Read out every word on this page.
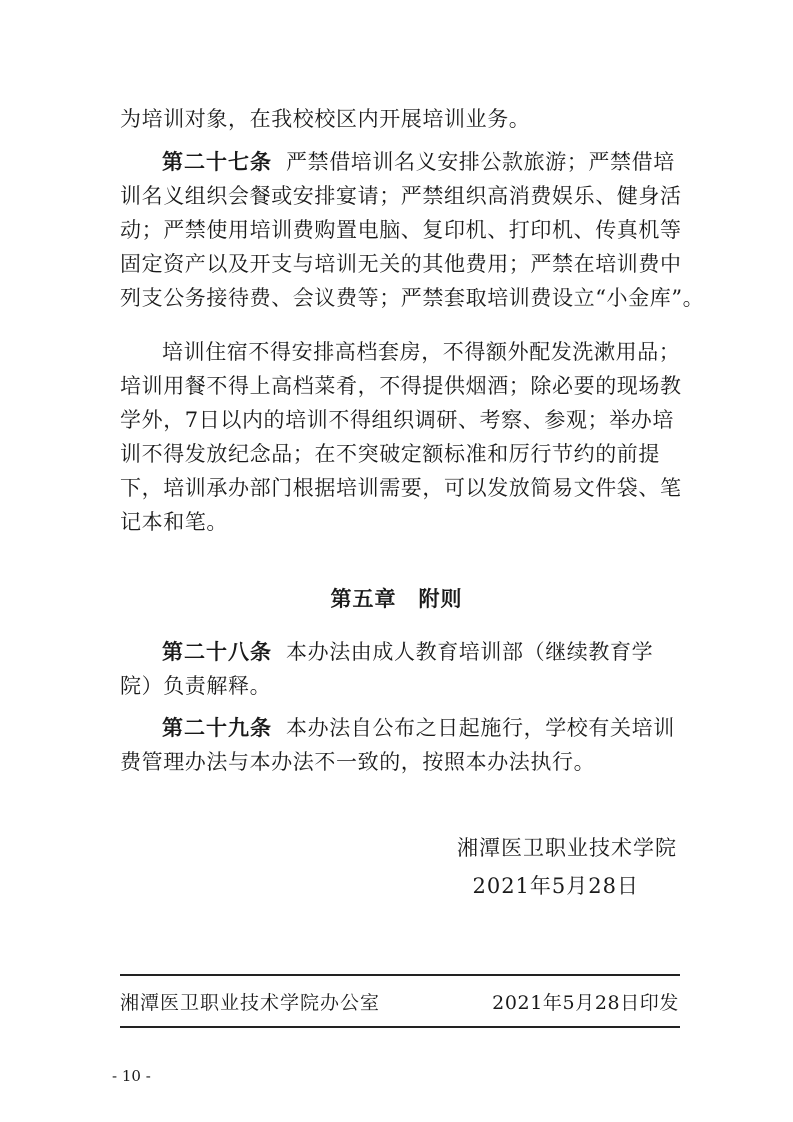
为培训对象，在我校校区内开展培训业务。
第二十七条 严禁借培训名义安排公款旅游；严禁借培
训名义组织会餐或安排宴请；严禁组织高消费娱乐、健身活
动；严禁使用培训费购置电脑、复印机、打印机、传真机等
固定资产以及开支与培训无关的其他费用；严禁在培训费中
列支公务接待费、会议费等；严禁套取培训费设立“小金库”。
培训住宿不得安排高档套房，不得额外配发洗漱用品；
培训用餐不得上高档菜肴，不得提供烟酒；除必要的现场教
学外，7日以内的培训不得组织调研、考察、参观；举办培
训不得发放纪念品；在不突破定额标准和厉行节约的前提
下，培训承办部门根据培训需要，可以发放简易文件袋、笔
记本和笔。
第五章　附则
第二十八条 本办法由成人教育培训部（继续教育学
院）负责解释。
第二十九条 本办法自公布之日起施行，学校有关培训
费管理办法与本办法不一致的，按照本办法执行。
湘潭医卫职业技术学院
2021年5月28日
湘潭医卫职业技术学院办公室	2021年5月28日印发
- 10 -
